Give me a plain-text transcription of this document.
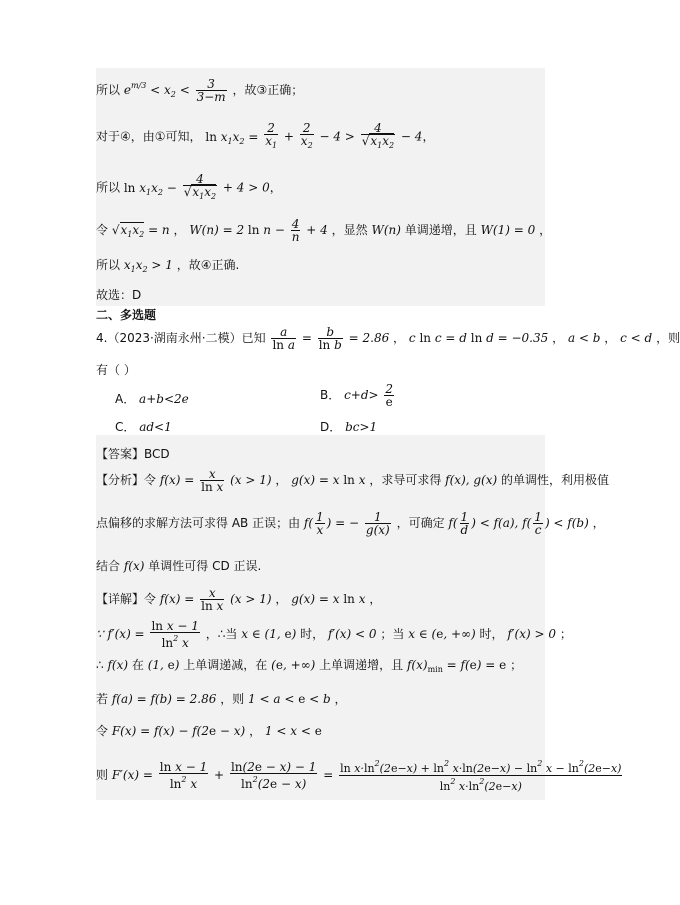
所以 $e^{m/3} < x_2 < \frac{3}{3-m}$ ，故③正确；
对于④，由①可知， $\ln x_1x_2 = \frac{2}{x_1} + \frac{2}{x_2} - 4 > \frac{4}{√x_1x_2} - 4$，
所以 $\ln x_1x_2 - \frac{4}{√x_1x_2} + 4 > 0$，
令 $√x_1x_2 = n$ ， W(n) = 2 $\ln n - \frac{4}{n} + 4$ ，显然 W(n) 单调递增，且 W(1) = 0 ，
所以 $x_1x_2 > 1$ ，故④正确.
故选：D
二、多选题
4.（2023·湖南永州·二模）已知 $\frac{a}{\text{ln a}} = \frac{b}{\text{ln b}} = 2.86$ ， c ln c = d ln d = −0.35 ， a < b ， c < d ，则
有（ ）
A． a+b<2e	B． $c+d> \frac{2}{e}$
C． ad<1	D． bc>1
【答案】BCD
【分析】令 $f(x) = \frac{x}{\text{ln x}} (x > 1)$ ， g(x) = x ln x ，求导可求得 f(x), g(x) 的单调性，利用极值
点偏移的求解方法可求得 AB 正误；由 $f( \frac{1}{x}$ ) = − $\frac{1}{g(x)}$ ，可确定 $f( \frac{1}{d}$ ) < f(a), $f( \frac{1}{c}$ ) < f(b) ，
结合 f(x) 单调性可得 CD 正误.
【详解】令 $f(x) = \frac{x}{\text{ln x}} (x > 1)$ ， g(x) = x ln x ，
∵ $f'(x) = \frac{\text{ln x − 1}}{\ln^2 x}$ ，∴当 x ∈ (1, e) 时， f′(x) < 0 ；当 x ∈ (e, +∞) 时， f′(x) > 0 ；
∴ f(x) 在 (1, e) 上单调递减，在 (e, +∞) 上单调递增，且 $f(x)_{min} = f(e) = e$ ；
若 f(a) = f(b) = 2.86 ，则 1 < a < e < b ，
令 F(x) = f(x) − f(2e − x) ， 1 < x < e
则 $F'(x) = \frac{\text{ln x − 1}}{\ln^2 x} + \frac{\ln(2e - x) - 1}{\ln^2(2e - x)} = \frac{\ln x\cdot\ln^2(2e-x) + \ln^2 x\cdot\ln(2e-x) - \ln^2 x - \ln^2(2e-x)}{\ln^2 x\cdot\ln^2(2e-x)}$
